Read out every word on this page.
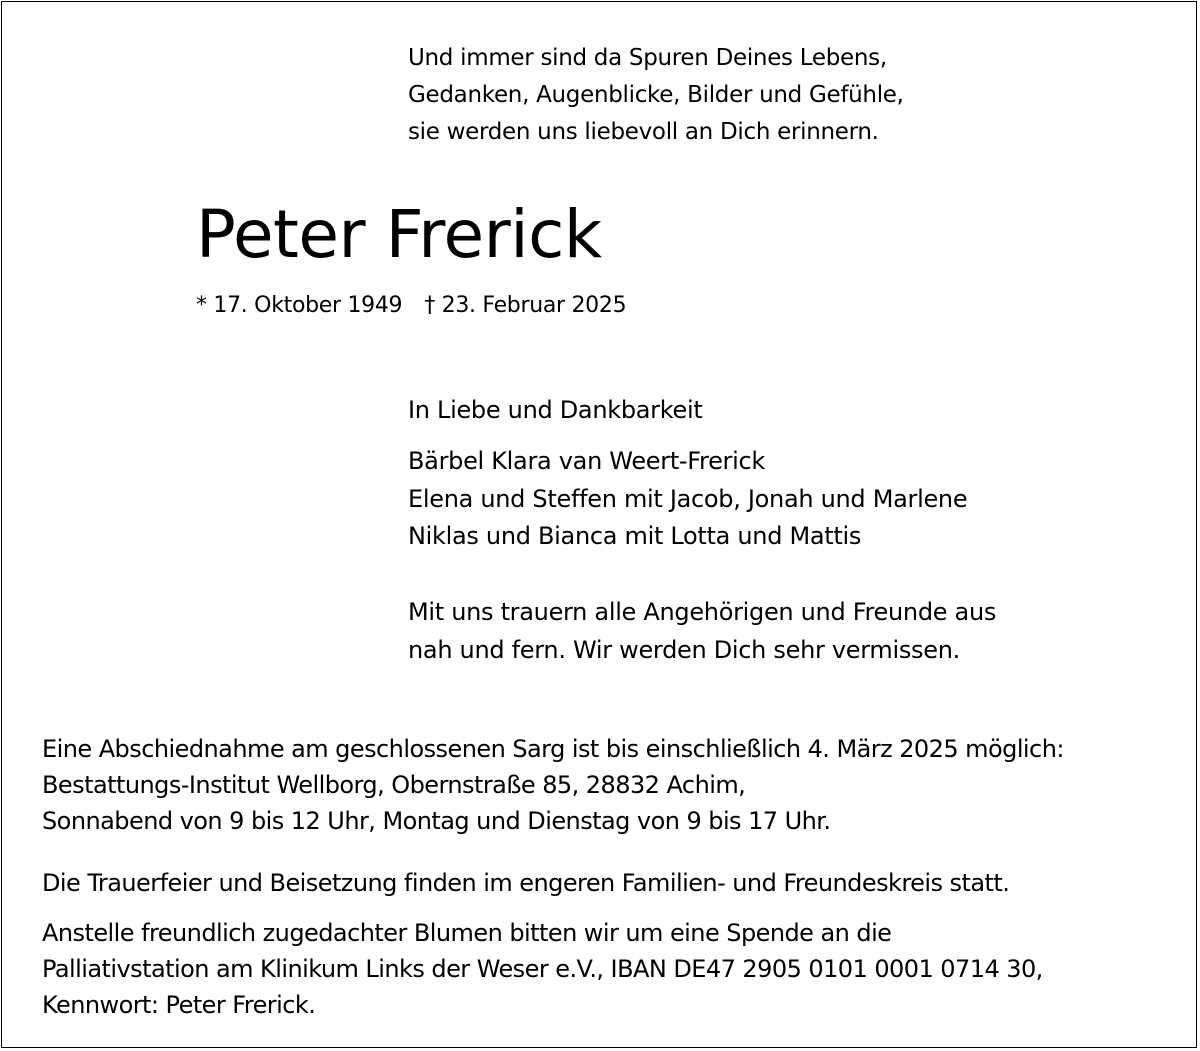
Und immer sind da Spuren Deines Lebens,
Gedanken, Augenblicke, Bilder und Gefühle,
sie werden uns liebevoll an Dich erinnern.
Peter Frerick
* 17. Oktober 1949 † 23. Februar 2025
In Liebe und Dankbarkeit
Bärbel Klara van Weert-Frerick
Elena und Steffen mit Jacob, Jonah und Marlene
Niklas und Bianca mit Lotta und Mattis
Mit uns trauern alle Angehörigen und Freunde aus
nah und fern. Wir werden Dich sehr vermissen.
Eine Abschiednahme am geschlossenen Sarg ist bis einschließlich 4. März 2025 möglich:
Bestattungs-Institut Wellborg, Obernstraße 85, 28832 Achim,
Sonnabend von 9 bis 12 Uhr, Montag und Dienstag von 9 bis 17 Uhr.
Die Trauerfeier und Beisetzung finden im engeren Familien- und Freundeskreis statt.
Anstelle freundlich zugedachter Blumen bitten wir um eine Spende an die
Palliativstation am Klinikum Links der Weser e.V., IBAN DE47 2905 0101 0001 0714 30,
Kennwort: Peter Frerick.
